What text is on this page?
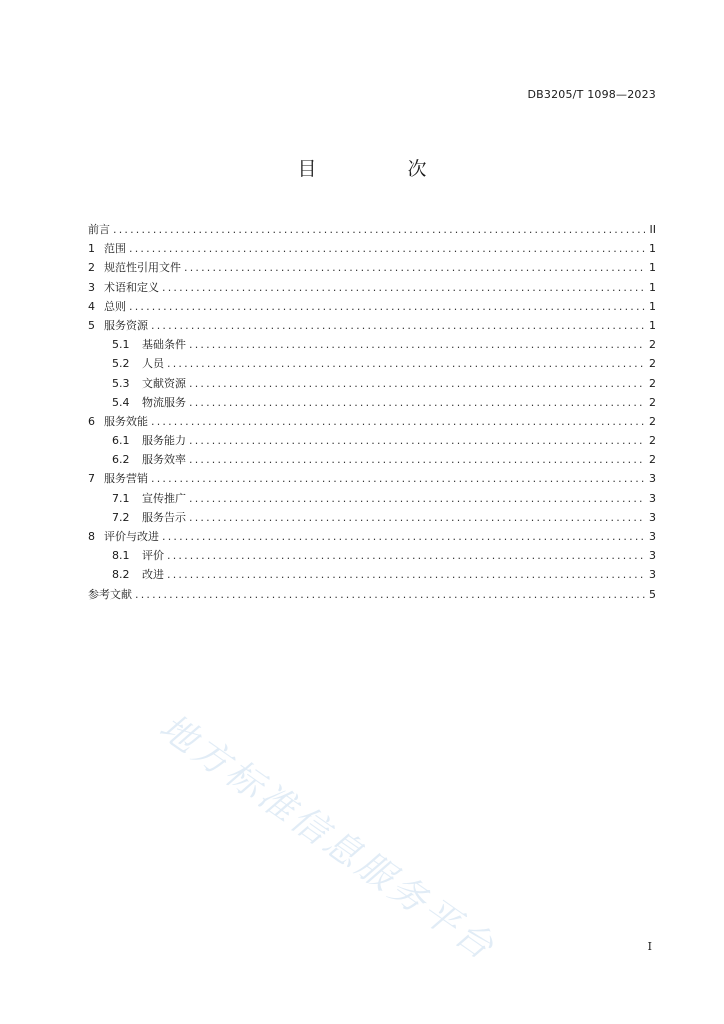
DB3205/T 1098—2023
目　次
前言 .....	II
1 范围 .....	1
2 规范性引用文件 .....	1
3 术语和定义 .....	1
4 总则 .....	1
5 服务资源 .....	1
5.1	基础条件 .....	2
5.2	人员 .....	2
5.3	文献资源 .....	2
5.4	物流服务 .....	2
6 服务效能 .....	2
6.1	服务能力 .....	2
6.2	服务效率 .....	2
7 服务营销 .....	3
7.1	宣传推广 .....	3
7.2	服务告示 .....	3
8 评价与改进 .....	3
8.1	评价 .....	3
8.2	改进 .....	3
参考文献 .....	5
地方标准信息服务平台	I
